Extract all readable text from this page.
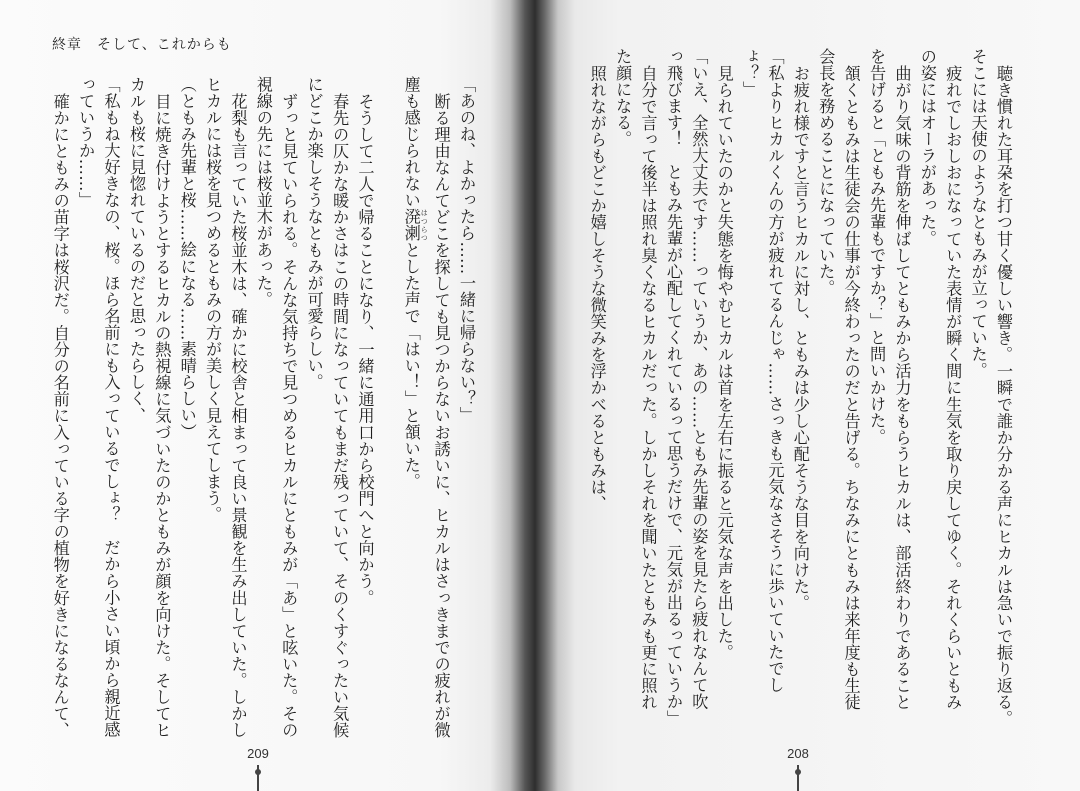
終章　そして、これからも
「あのね、よかったら……一緒に帰らない？」
断る理由なんてどこを探しても見つからないお誘いに、ヒカルはさっきまでの疲れが微
塵も感じられない溌溂 はつらつとした声で「はい！」と頷いた。
そうして二人で帰ることになり、一緒に通用口から校門へと向かう。
春先の仄かな暖かさはこの時間になっていてもまだ残っていて、そのくすぐったい気候
にどこか楽しそうなともみが可愛らしい。
ずっと見ていられる。そんな気持ちで見つめるヒカルにともみが「あ」と呟いた。その
視線の先には桜並木があった。
花梨も言っていた桜並木は、確かに校舎と相まって良い景観を生み出していた。しかし
ヒカルには桜を見つめるともみの方が美しく見えてしまう。
（ともみ先輩と桜……絵になる……素晴らしい）
目に焼き付けようとするヒカルの熱視線に気づいたのかともみが顔を向けた。そしてヒ
カルも桜に見惚れているのだと思ったらしく、
「私もね大好きなの、桜。ほら名前にも入っているでしょ？　だから小さい頃から親近感
っていうか……」
確かにともみの苗字は桜沢だ。自分の名前に入っている字の植物を好きになるなんて、	聴き慣れた耳朶を打つ甘く優しい響き。一瞬で誰か分かる声にヒカルは急いで振り返る。
そこには天使のようなともみが立っていた。
疲れでしおしおになっていた表情が瞬く間に生気を取り戻してゆく。それくらいともみ
の姿にはオーラがあった。
曲がり気味の背筋を伸ばしてともみから活力をもらうヒカルは、部活終わりであること
を告げると「ともみ先輩もですか？」と問いかけた。
頷くともみは生徒会の仕事が今終わったのだと告げる。ちなみにともみは来年度も生徒
会長を務めることになっていた。
お疲れ様ですと言うヒカルに対し、ともみは少し心配そうな目を向けた。
「私よりヒカルくんの方が疲れてるんじゃ……さっきも元気なさそうに歩いていたでし
ょ？」
見られていたのかと失態を悔やむヒカルは首を左右に振ると元気な声を出した。
「いえ、全然大丈夫です……っていうか、あの……ともみ先輩の姿を見たら疲れなんて吹
っ飛びます！　ともみ先輩が心配してくれているって思うだけで、元気が出るっていうか」
自分で言って後半は照れ臭くなるヒカルだった。しかしそれを聞いたともみも更に照れ
た顔になる。
照れながらもどこか嬉しそうな微笑みを浮かべるともみは、
209	208
